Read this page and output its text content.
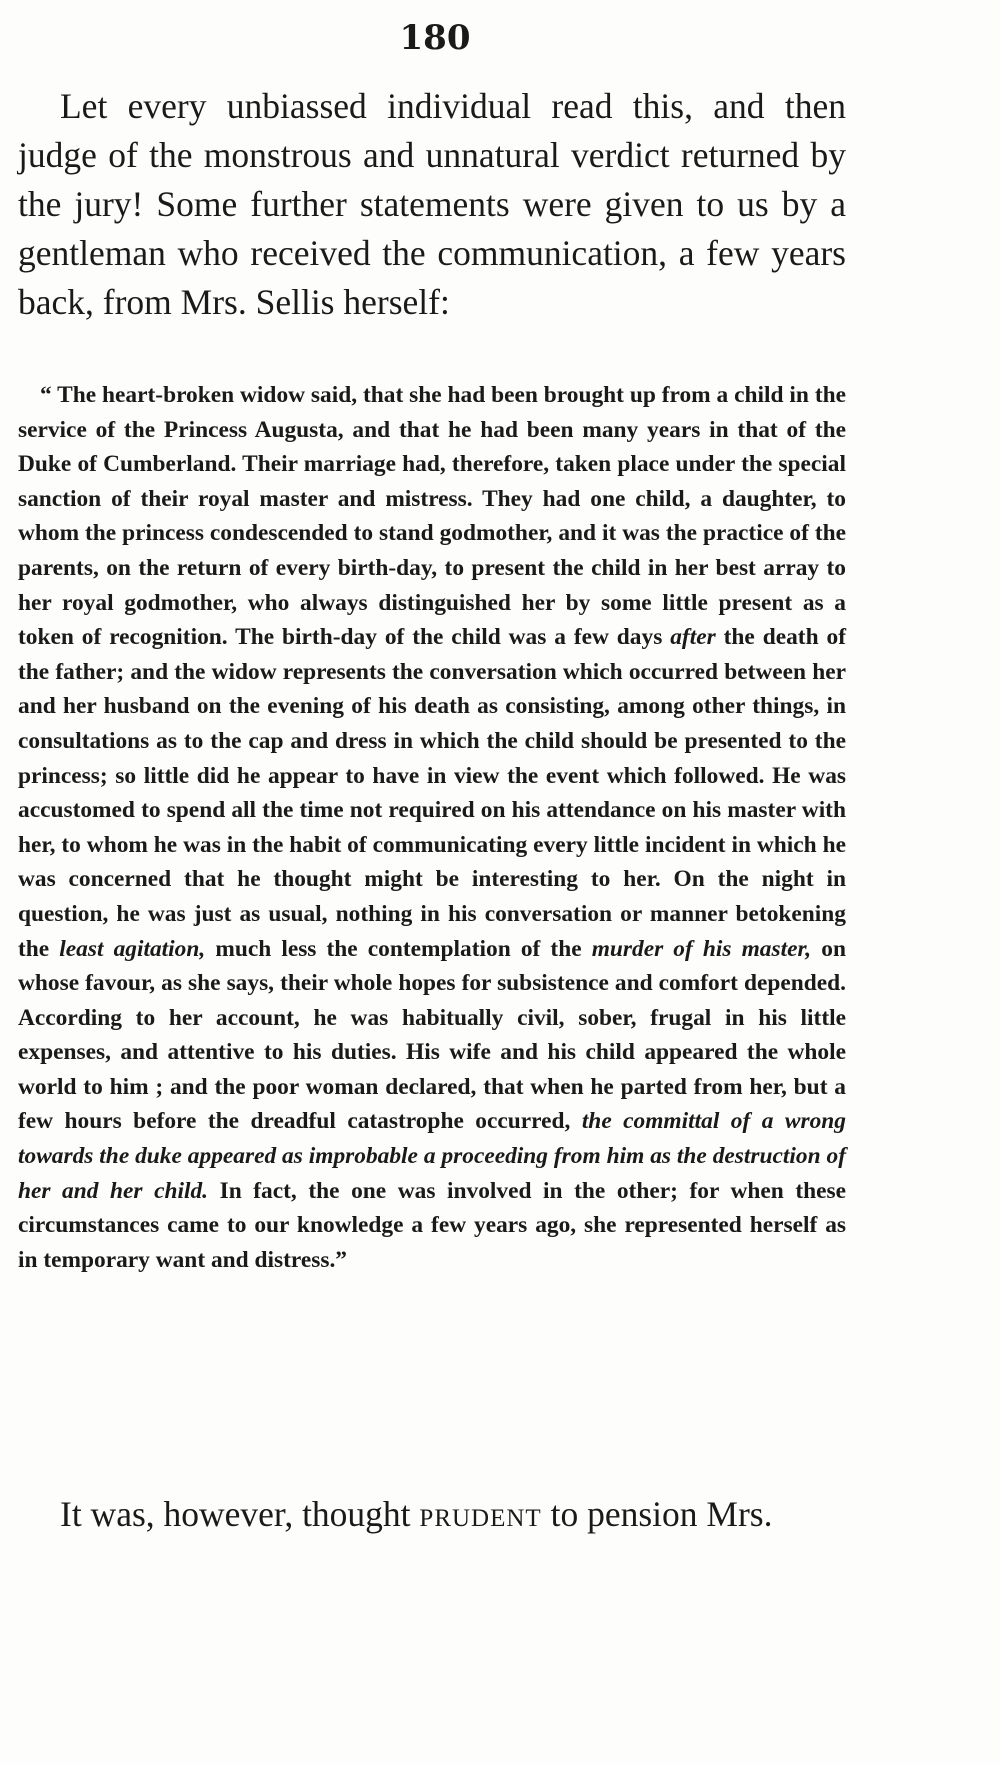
180

Let every unbiassed individual read this, and then judge of the monstrous and unnatural verdict returned by the jury! Some further statements were given to us by a gentleman who received the communication, a few years back, from Mrs. Sellis herself:

“ The heart-broken widow said, that she had been brought up from a child in the service of the Princess Augusta, and that he had been many years in that of the Duke of Cumberland. Their marriage had, therefore, taken place under the special sanction of their royal master and mistress. They had one child, a daughter, to whom the princess condescended to stand godmother, and it was the practice of the parents, on the return of every birth-day, to present the child in her best array to her royal godmother, who always distinguished her by some little present as a token of recognition. The birth-day of the child was a few days after the death of the father; and the widow represents the conversation which occurred between her and her husband on the evening of his death as consisting, among other things, in consultations as to the cap and dress in which the child should be presented to the princess; so little did he appear to have in view the event which followed. He was accustomed to spend all the time not required on his attendance on his master with her, to whom he was in the habit of communicating every little incident in which he was concerned that he thought might be interesting to her. On the night in question, he was just as usual, nothing in his conversation or manner betokening the least agitation, much less the contemplation of the murder of his master, on whose favour, as she says, their whole hopes for subsistence and comfort depended. According to her account, he was habitually civil, sober, frugal in his little expenses, and attentive to his duties. His wife and his child appeared the whole world to him ; and the poor woman declared, that when he parted from her, but a few hours before the dreadful catastrophe occurred, the committal of a wrong towards the duke appeared as improbable a proceeding from him as the destruction of her and her child. In fact, the one was involved in the other; for when these circumstances came to our knowledge a few years ago, she represented herself as in temporary want and distress.”

It was, however, thought prudent to pension Mrs.
